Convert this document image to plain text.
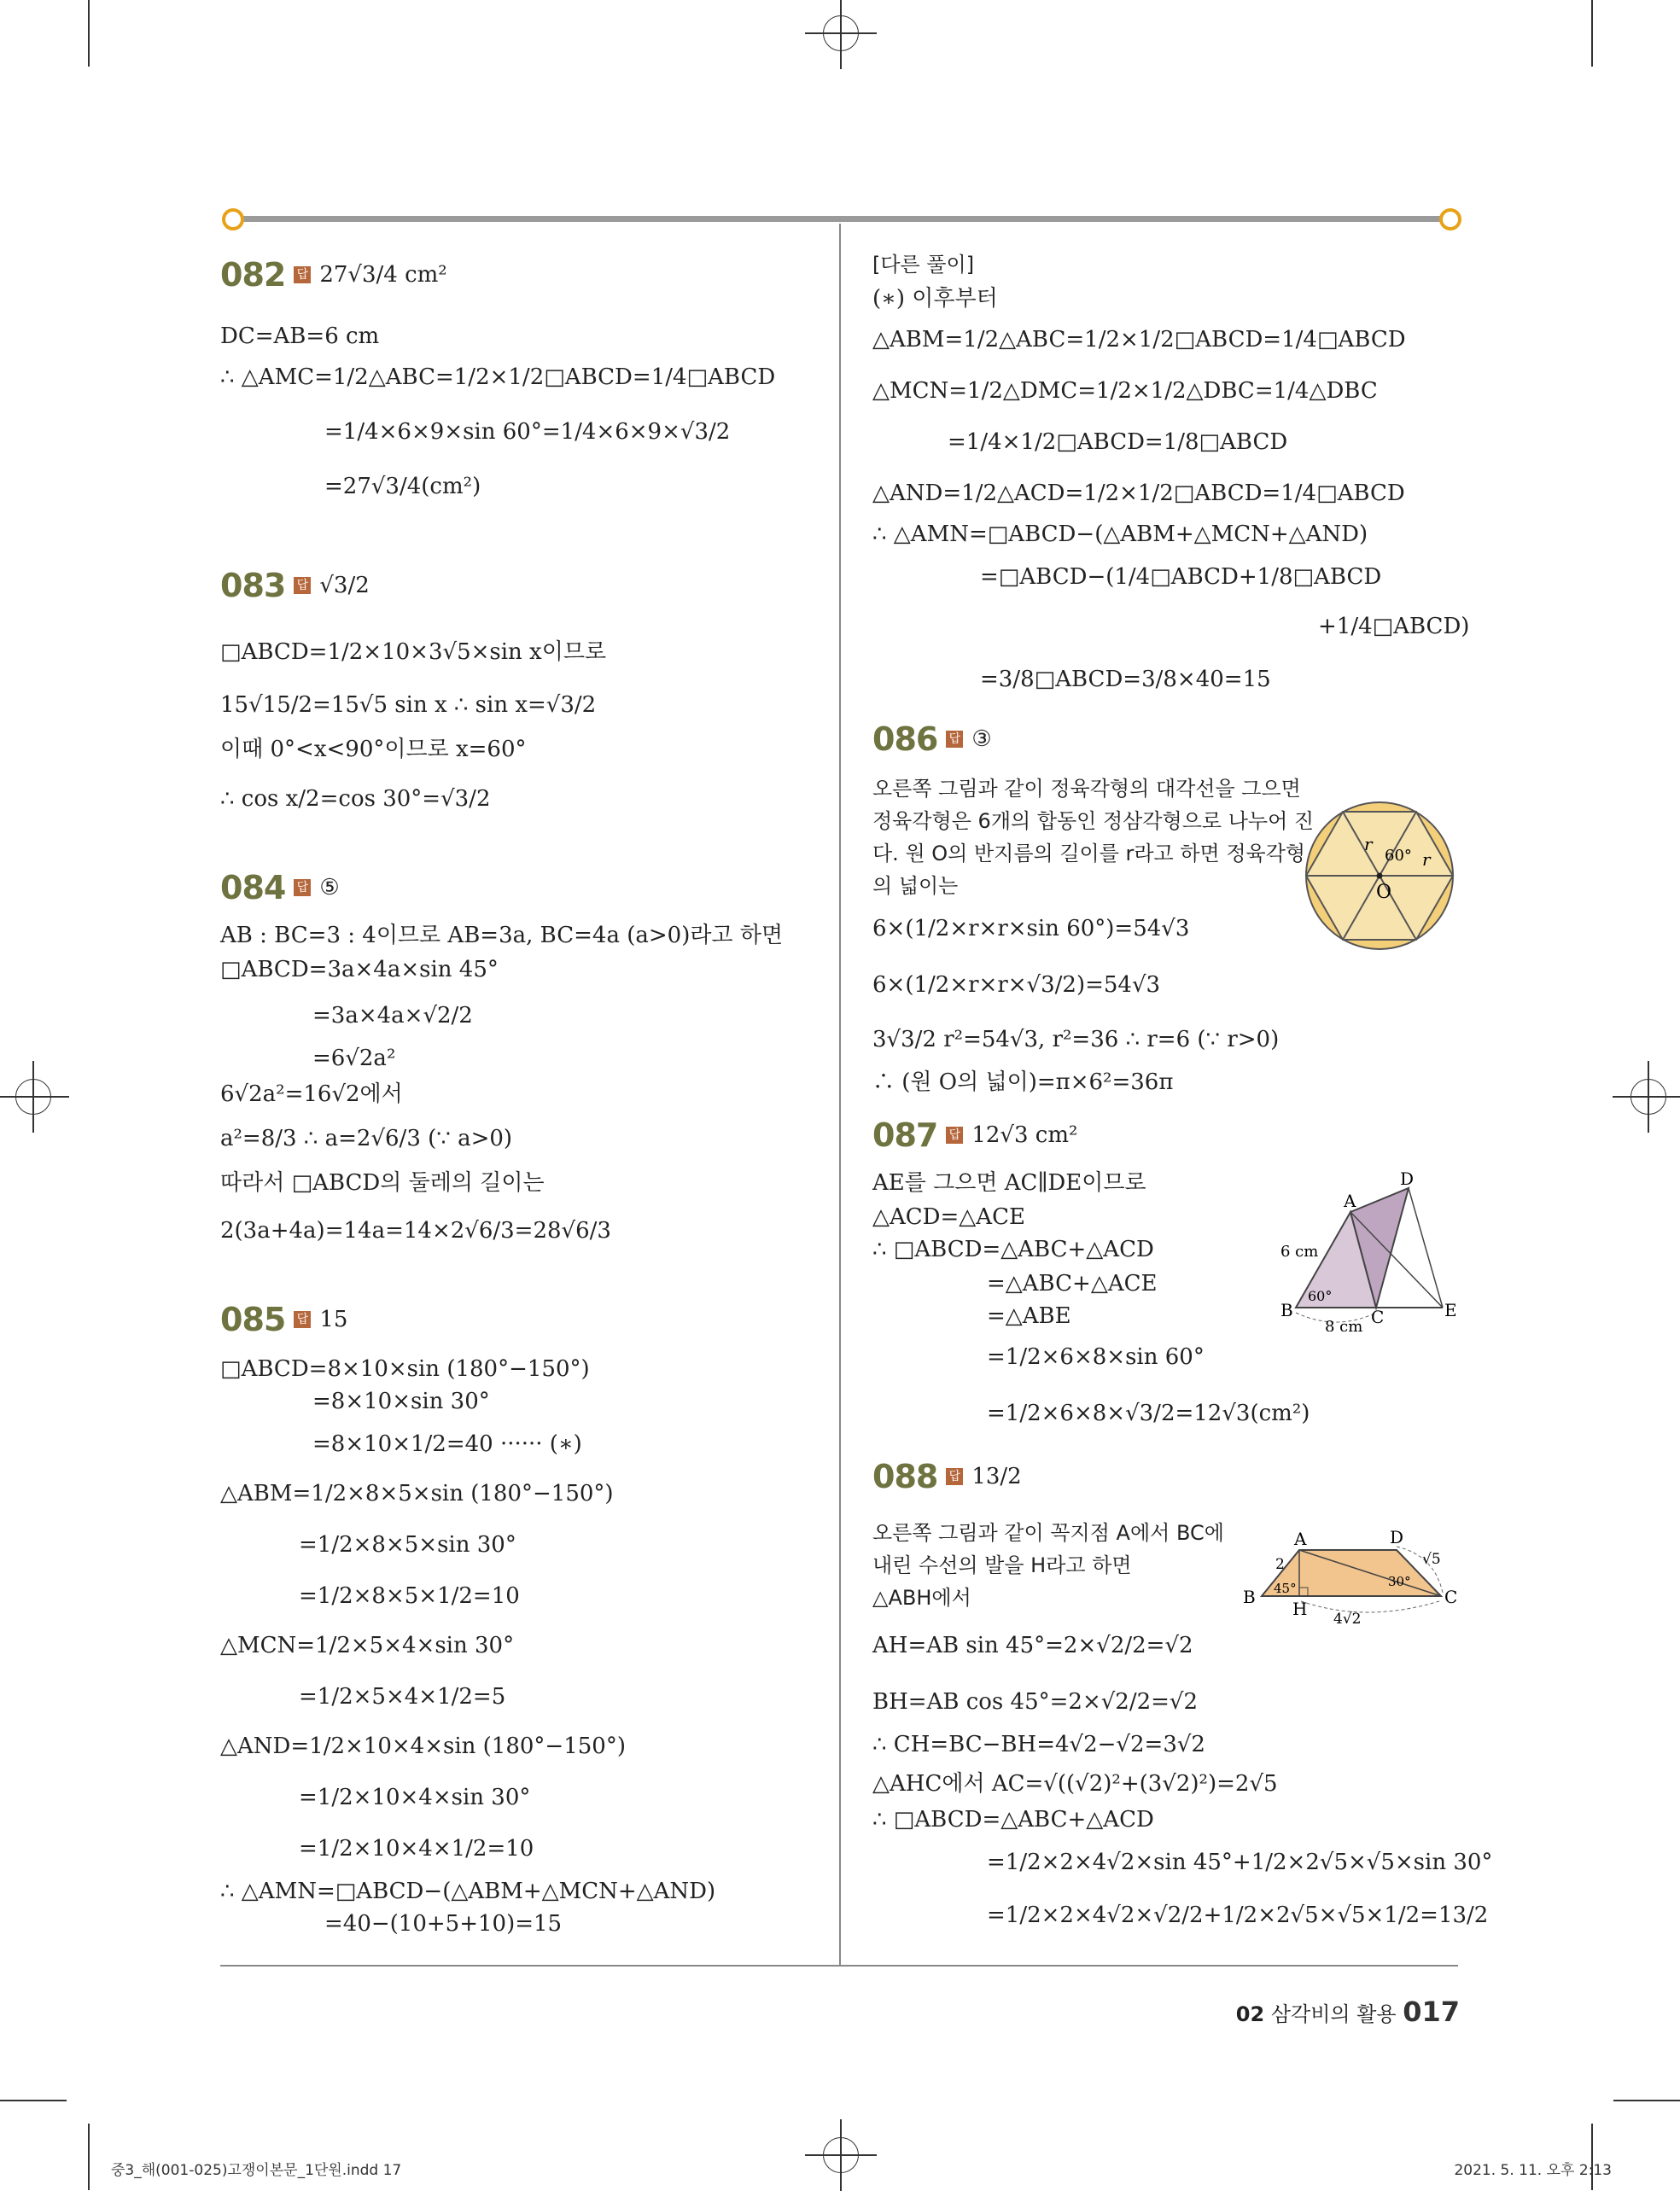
082 답 27√3/4 cm²
DC=AB=6 cm
∴ △AMC=1/2△ABC=1/2×1/2□ABCD=1/4□ABCD
=1/4×6×9×sin 60°=1/4×6×9×√3/2
=27√3/4(cm²)
083 답 √3/2
□ABCD=1/2×10×3√5×sin x이므로
15√15/2=15√5 sin x ∴ sin x=√3/2
이때 0°<x<90°이므로 x=60°
∴ cos x/2=cos 30°=√3/2
084 답 ⑤
AB : BC=3 : 4이므로 AB=3a, BC=4a (a>0)라고 하면
□ABCD=3a×4a×sin 45°
=3a×4a×√2/2
=6√2a²
6√2a²=16√2에서
a²=8/3 ∴ a=2√6/3 (∵ a>0)
따라서 □ABCD의 둘레의 길이는
2(3a+4a)=14a=14×2√6/3=28√6/3
085 답 15
□ABCD=8×10×sin (180°−150°)
=8×10×sin 30°
=8×10×1/2=40 ······ (∗)
△ABM=1/2×8×5×sin (180°−150°)
=1/2×8×5×sin 30°
=1/2×8×5×1/2=10
△MCN=1/2×5×4×sin 30°
=1/2×5×4×1/2=5
△AND=1/2×10×4×sin (180°−150°)
=1/2×10×4×sin 30°
=1/2×10×4×1/2=10
∴ △AMN=□ABCD−(△ABM+△MCN+△AND)
=40−(10+5+10)=15
[다른 풀이]
(∗) 이후부터
△ABM=1/2△ABC=1/2×1/2□ABCD=1/4□ABCD
△MCN=1/2△DMC=1/2×1/2△DBC=1/4△DBC
=1/4×1/2□ABCD=1/8□ABCD
△AND=1/2△ACD=1/2×1/2□ABCD=1/4□ABCD
∴ △AMN=□ABCD−(△ABM+△MCN+△AND)
=□ABCD−(1/4□ABCD+1/8□ABCD
+1/4□ABCD)
=3/8□ABCD=3/8×40=15
086 답 ③
오른쪽 그림과 같이 정육각형의 대각선을 그으면
정육각형은 6개의 합동인 정삼각형으로 나누어 진
다. 원 O의 반지름의 길이를 r라고 하면 정육각형
의 넓이는
6×(1/2×r×r×sin 60°)=54√3
6×(1/2×r×r×√3/2)=54√3
3√3/2 r²=54√3, r²=36 ∴ r=6 (∵ r>0)
∴ (원 O의 넓이)=π×6²=36π
O
r
r
60°
087 답 12√3 cm²
AE를 그으면 AC∥DE이므로
△ACD=△ACE
∴ □ABCD=△ABC+△ACD
=△ABC+△ACE
=△ABE
=1/2×6×8×sin 60°
=1/2×6×8×√3/2=12√3(cm²)
A
B	C
D
E
6 cm
8 cm
60°
088 답 13/2
오른쪽 그림과 같이 꼭지점 A에서 BC에
내린 수선의 발을 H라고 하면
△ABH에서
AH=AB sin 45°=2×√2/2=√2
BH=AB cos 45°=2×√2/2=√2
∴ CH=BC−BH=4√2−√2=3√2
△AHC에서 AC=√((√2)²+(3√2)²)=2√5
∴ □ABCD=△ABC+△ACD
=1/2×2×4√2×sin 45°+1/2×2√5×√5×sin 30°
=1/2×2×4√2×√2/2+1/2×2√5×√5×1/2=13/2
A
B	C
D
H
2	√5
4√2
45°	30°
02 삼각비의 활용 017
중3_해(001-025)고쟁이본문_1단원.indd 17	2021. 5. 11. 오후 2:13
